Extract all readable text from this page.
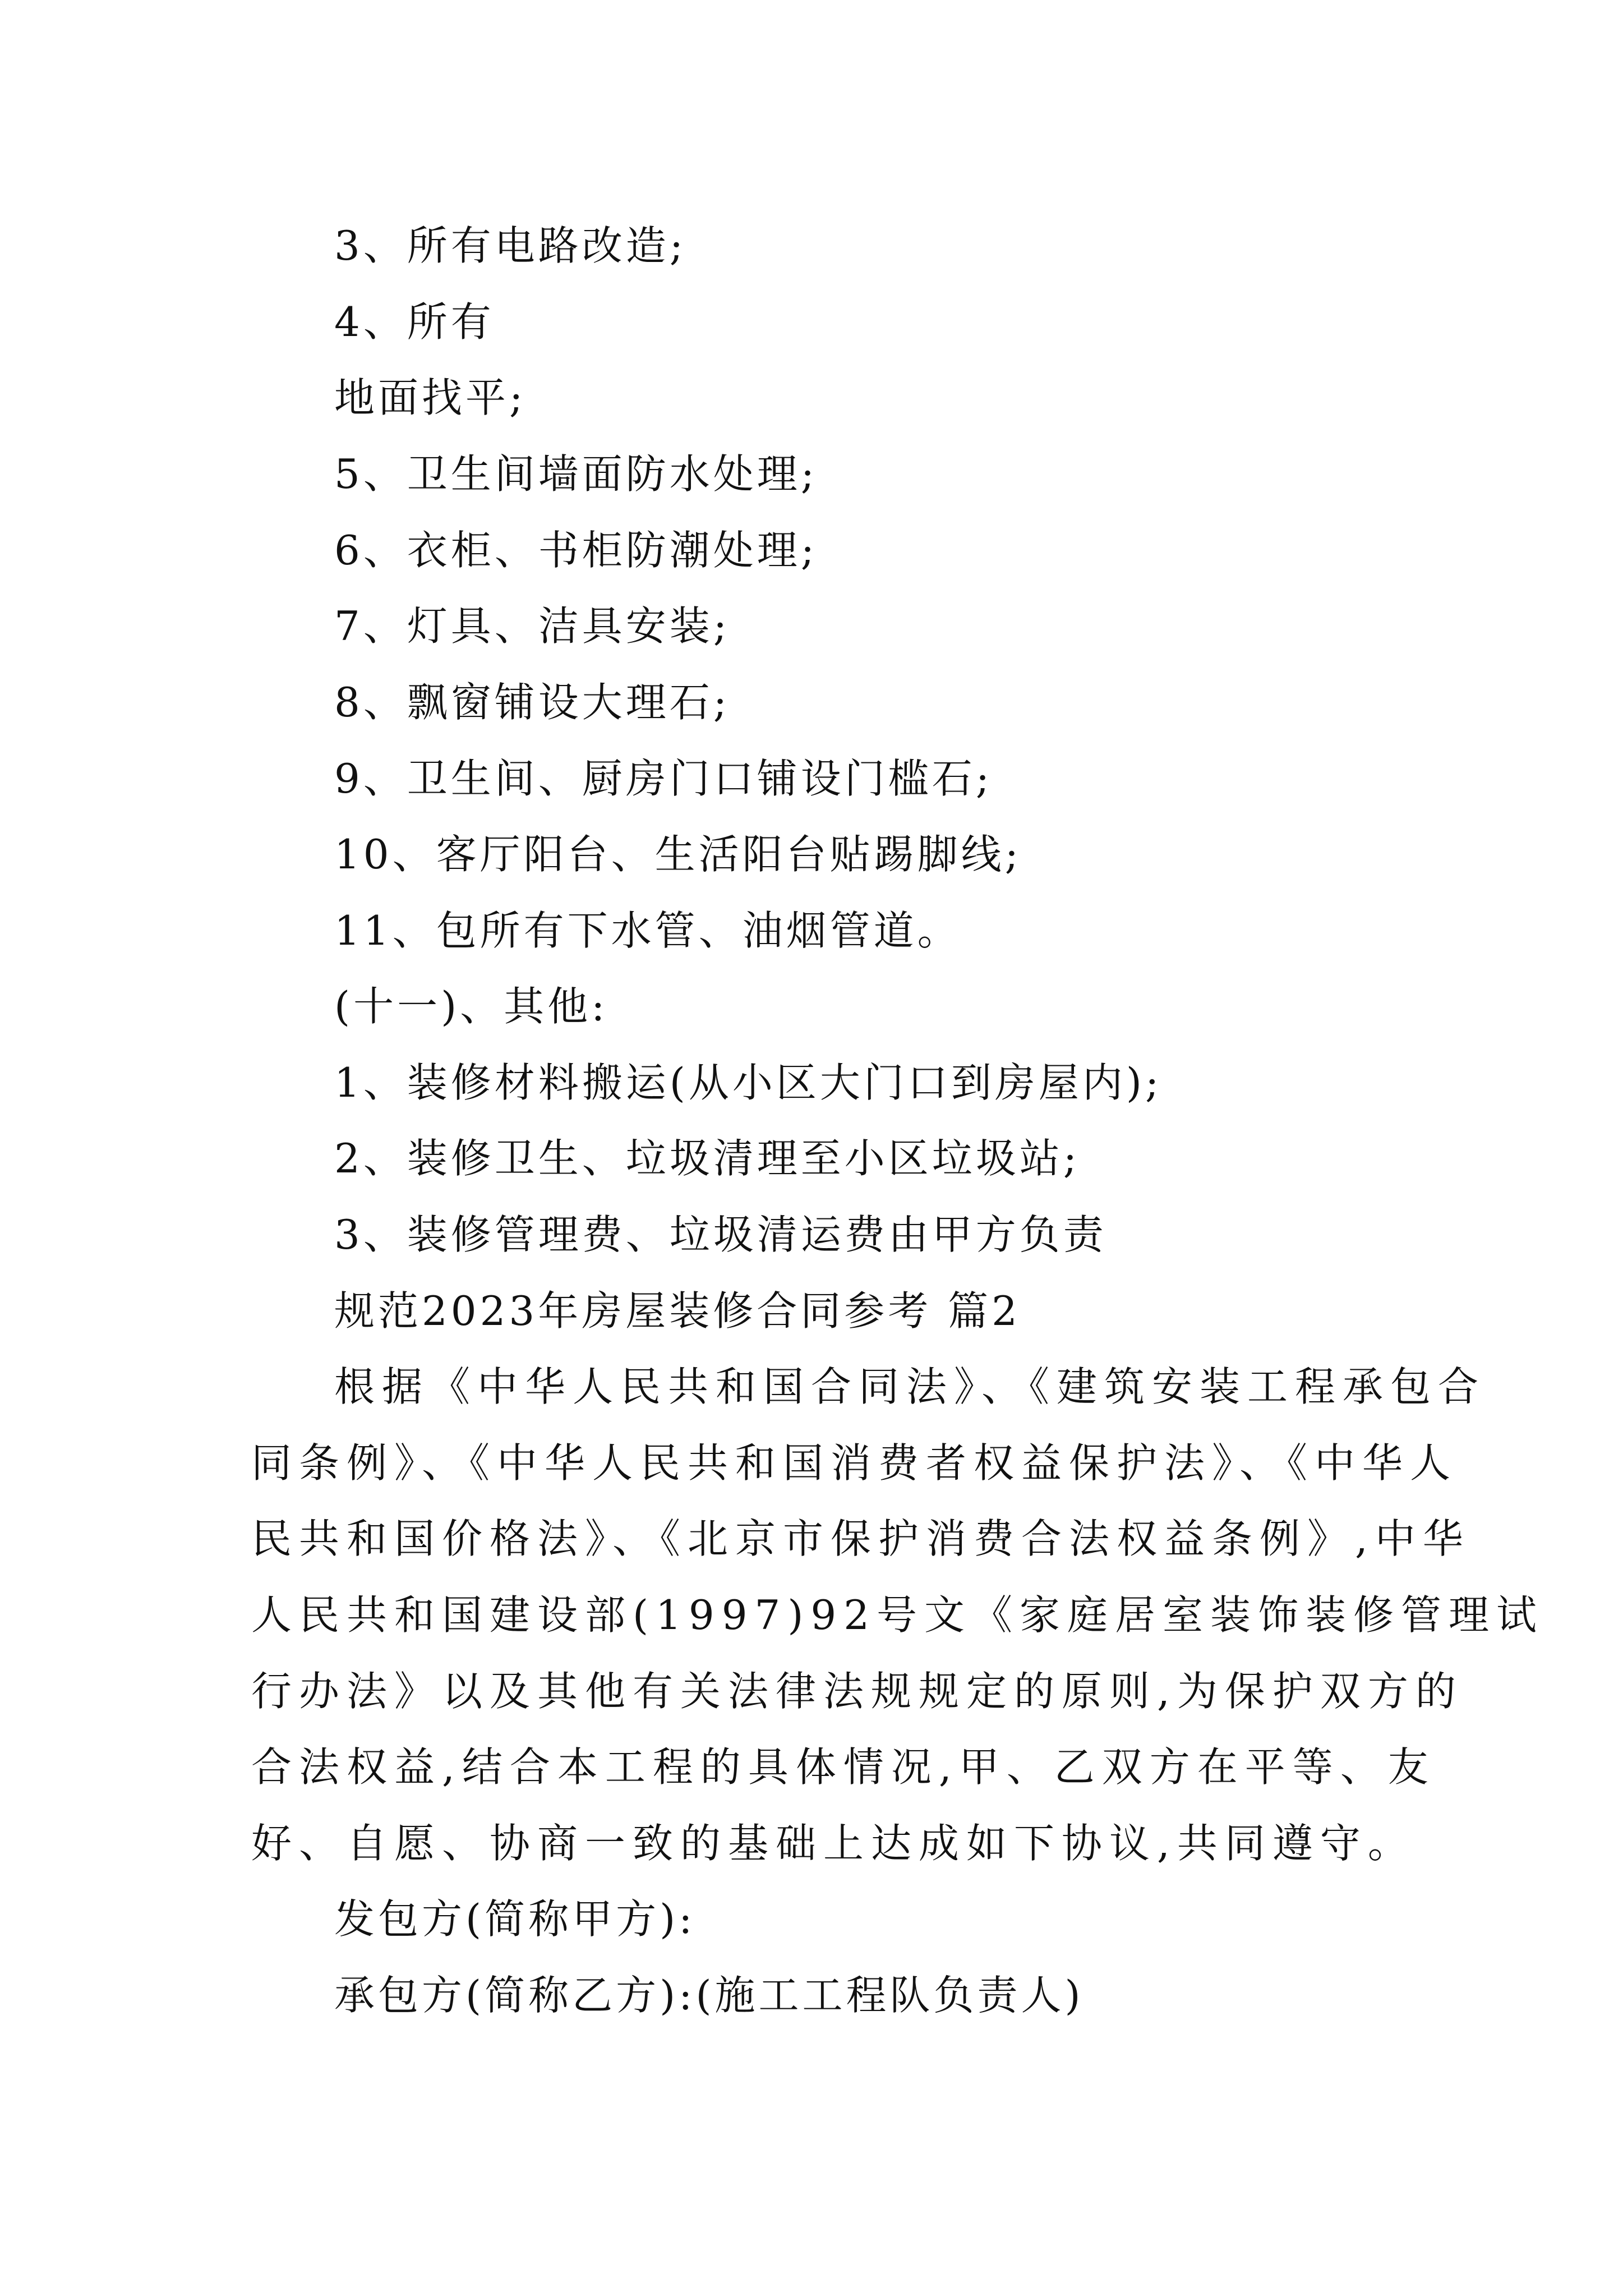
3、所有电路改造;
4、所有
地面找平;
5、卫生间墙面防水处理;
6、衣柜、书柜防潮处理;
7、灯具、洁具安装;
8、飘窗铺设大理石;
9、卫生间、厨房门口铺设门槛石;
10、客厅阳台、生活阳台贴踢脚线;
11、包所有下水管、油烟管道。
(十一)、其他:
1、装修材料搬运(从小区大门口到房屋内);
2、装修卫生、垃圾清理至小区垃圾站;
3、装修管理费、垃圾清运费由甲方负责
规范2023年房屋装修合同参考 篇2
根据《中华人民共和国合同法》、《建筑安装工程承包合
同条例》、《中华人民共和国消费者权益保护法》、《中华人
民共和国价格法》、《北京市保护消费合法权益条例》,中华
人民共和国建设部(1997)92号文《家庭居室装饰装修管理试
行办法》以及其他有关法律法规规定的原则,为保护双方的
合法权益,结合本工程的具体情况,甲、乙双方在平等、友
好、自愿、协商一致的基础上达成如下协议,共同遵守。
发包方(简称甲方):
承包方(简称乙方):(施工工程队负责人)
